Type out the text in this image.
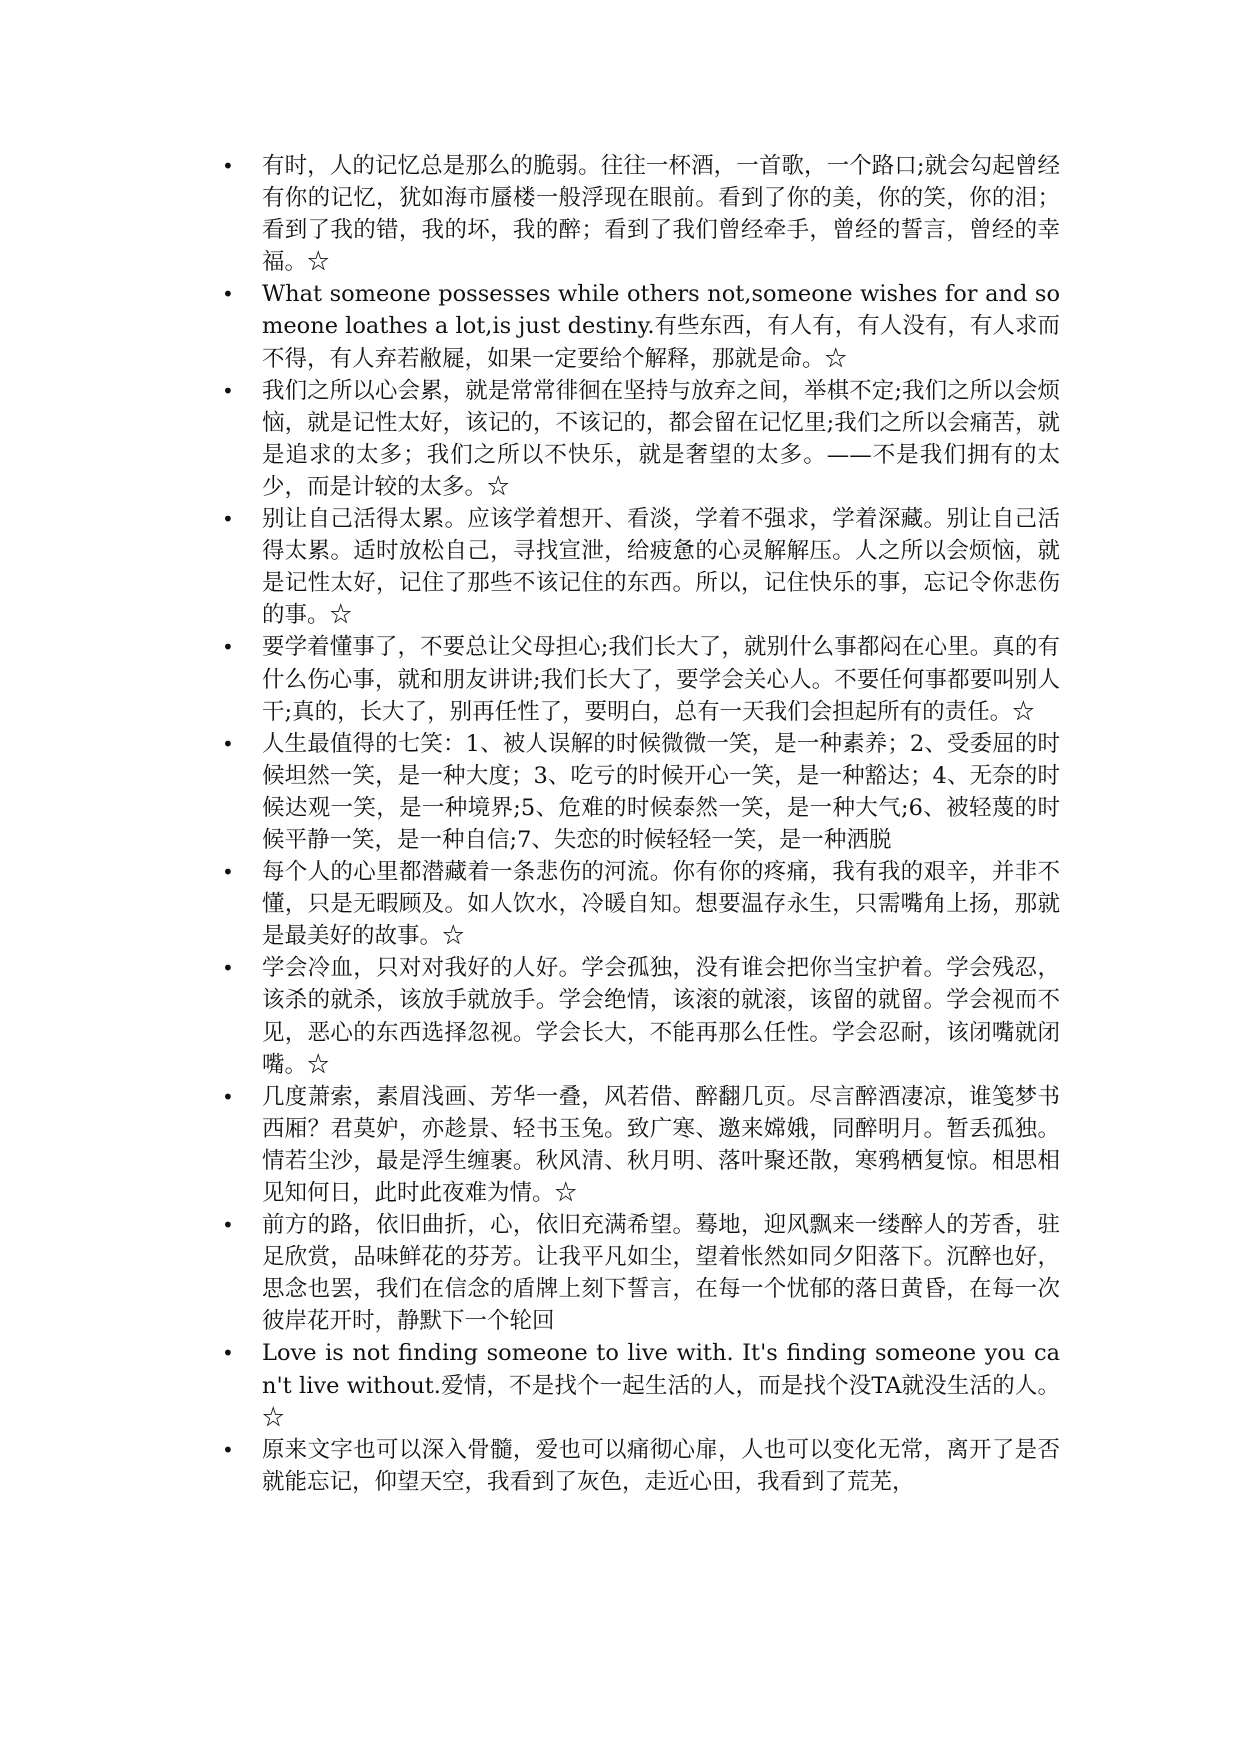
•	有时，人的记忆总是那么的脆弱。往往一杯酒，一首歌，一个路口;就会勾起曾经有你的记忆，犹如海市蜃楼一般浮现在眼前。看到了你的美，你的笑，你的泪；看到了我的错，我的坏，我的醉；看到了我们曾经牵手，曾经的誓言，曾经的幸福。☆
•	What someone possesses while others not,someone wishes for and someone loathes a lot,is just destiny.有些东西，有人有，有人没有，有人求而不得，有人弃若敝屣，如果一定要给个解释，那就是命。☆
•	我们之所以心会累，就是常常徘徊在坚持与放弃之间，举棋不定;我们之所以会烦恼，就是记性太好，该记的，不该记的，都会留在记忆里;我们之所以会痛苦，就是追求的太多；我们之所以不快乐，就是奢望的太多。——不是我们拥有的太少，而是计较的太多。☆
•	别让自己活得太累。应该学着想开、看淡，学着不强求，学着深藏。别让自己活得太累。适时放松自己，寻找宣泄，给疲惫的心灵解解压。人之所以会烦恼，就是记性太好，记住了那些不该记住的东西。所以，记住快乐的事，忘记令你悲伤的事。☆
•	要学着懂事了，不要总让父母担心;我们长大了，就别什么事都闷在心里。真的有什么伤心事，就和朋友讲讲;我们长大了，要学会关心人。不要任何事都要叫别人干;真的，长大了，别再任性了，要明白，总有一天我们会担起所有的责任。☆
•	人生最值得的七笑：1、被人误解的时候微微一笑，是一种素养；2、受委屈的时候坦然一笑，是一种大度；3、吃亏的时候开心一笑，是一种豁达；4、无奈的时候达观一笑，是一种境界;5、危难的时候泰然一笑，是一种大气;6、被轻蔑的时候平静一笑，是一种自信;7、失恋的时候轻轻一笑，是一种洒脱
•	每个人的心里都潜藏着一条悲伤的河流。你有你的疼痛，我有我的艰辛，并非不懂，只是无暇顾及。如人饮水，冷暖自知。想要温存永生，只需嘴角上扬，那就是最美好的故事。☆
•	学会冷血，只对对我好的人好。学会孤独，没有谁会把你当宝护着。学会残忍，该杀的就杀，该放手就放手。学会绝情，该滚的就滚，该留的就留。学会视而不见，恶心的东西选择忽视。学会长大，不能再那么任性。学会忍耐，该闭嘴就闭嘴。☆
•	几度萧索，素眉浅画、芳华一叠，风若借、醉翻几页。尽言醉酒凄凉，谁笺梦书西厢？君莫妒，亦趁景、轻书玉兔。致广寒、邀来嫦娥，同醉明月。暂丢孤独。情若尘沙，最是浮生缠裹。秋风清、秋月明、落叶聚还散，寒鸦栖复惊。相思相见知何日，此时此夜难为情。☆
•	前方的路，依旧曲折，心，依旧充满希望。蓦地，迎风飘来一缕醉人的芳香，驻足欣赏，品味鲜花的芬芳。让我平凡如尘，望着怅然如同夕阳落下。沉醉也好，思念也罢，我们在信念的盾牌上刻下誓言，在每一个忧郁的落日黄昏，在每一次彼岸花开时，静默下一个轮回
•	Love is not finding someone to live with. It's finding someone you can't live without.爱情，不是找个一起生活的人，而是找个没TA就没生活的人。☆
•	原来文字也可以深入骨髓，爱也可以痛彻心扉，人也可以变化无常，离开了是否就能忘记，仰望天空，我看到了灰色，走近心田，我看到了荒芜，
